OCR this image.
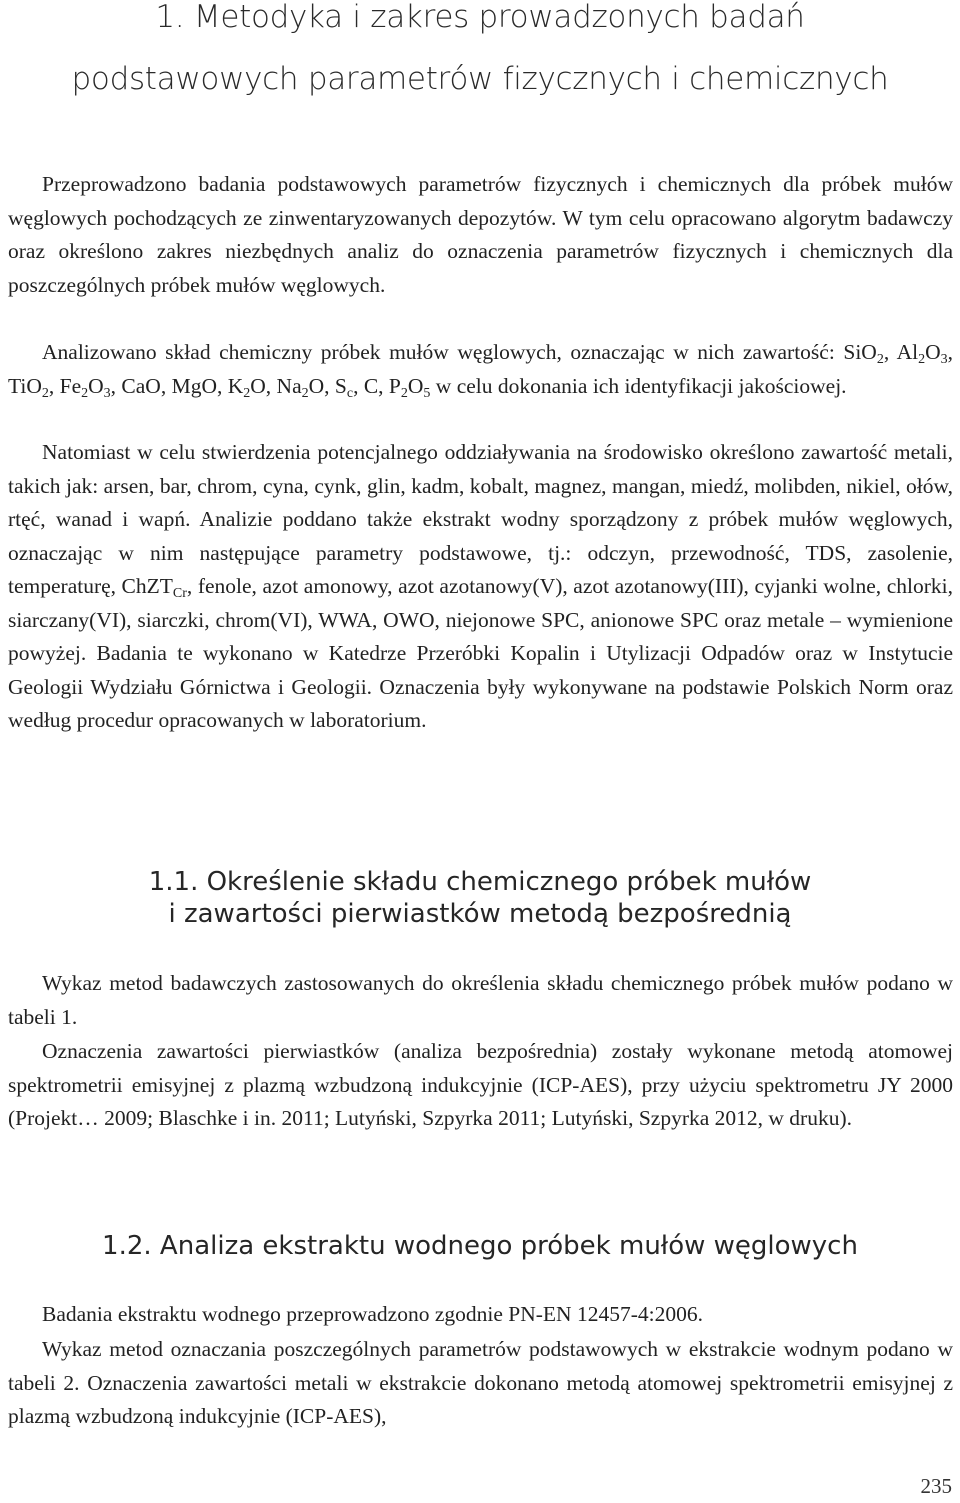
1. Metodyka i zakres prowadzonych badań
podstawowych parametrów fizycznych i chemicznych

Przeprowadzono badania podstawowych parametrów fizycznych i chemicznych dla próbek mułów węglowych pochodzących ze zinwentaryzowanych depozytów. W tym celu opracowano algorytm badawczy oraz określono zakres niezbędnych analiz do oznaczenia parametrów fizycznych i chemicznych dla poszczególnych próbek mułów węglowych.

Analizowano skład chemiczny próbek mułów węglowych, oznaczając w nich zawartość: SiO$_2$, $Al_2O_3$, TiO$_2$, $Fe_2O_3$, CaO, MgO, $K_2O$, $Na_2O$, $S_c$, C, $P_2O_5$ w celu dokonania ich identyfikacji jakościowej.

Natomiast w celu stwierdzenia potencjalnego oddziaływania na środowisko określono zawartość metali, takich jak: arsen, bar, chrom, cyna, cynk, glin, kadm, kobalt, magnez, mangan, miedź, molibden, nikiel, ołów, rtęć, wanad i wapń. Analizie poddano także ekstrakt wodny sporządzony z próbek mułów węglowych, oznaczając w nim następujące parametry podstawowe, tj.: odczyn, przewodność, TDS, zasolenie, temperaturę, ChZT$_{Cr}$, fenole, azot amonowy, azot azotanowy(V), azot azotanowy(III), cyjanki wolne, chlorki, siarczany(VI), siarczki, chrom(VI), WWA, OWO, niejonowe SPC, anionowe SPC oraz metale – wymienione powyżej. Badania te wykonano w Katedrze Przeróbki Kopalin i Utylizacji Odpadów oraz w Instytucie Geologii Wydziału Górnictwa i Geologii. Oznaczenia były wykonywane na podstawie Polskich Norm oraz według procedur opracowanych w laboratorium.

1.1. Określenie składu chemicznego próbek mułów
i zawartości pierwiastków metodą bezpośrednią

Wykaz metod badawczych zastosowanych do określenia składu chemicznego próbek mułów podano w tabeli 1.

Oznaczenia zawartości pierwiastków (analiza bezpośrednia) zostały wykonane metodą atomowej spektrometrii emisyjnej z plazmą wzbudzoną indukcyjnie (ICP-AES), przy użyciu spektrometru JY 2000 (Projekt… 2009; Blaschke i in. 2011; Lutyński, Szpyrka 2011; Lutyński, Szpyrka 2012, w druku).

1.2. Analiza ekstraktu wodnego próbek mułów węglowych

Badania ekstraktu wodnego przeprowadzono zgodnie PN-EN 12457-4:2006.

Wykaz metod oznaczania poszczególnych parametrów podstawowych w ekstrakcie wodnym podano w tabeli 2. Oznaczenia zawartości metali w ekstrakcie dokonano metodą atomowej spektrometrii emisyjnej z plazmą wzbudzoną indukcyjnie (ICP-AES),

235
